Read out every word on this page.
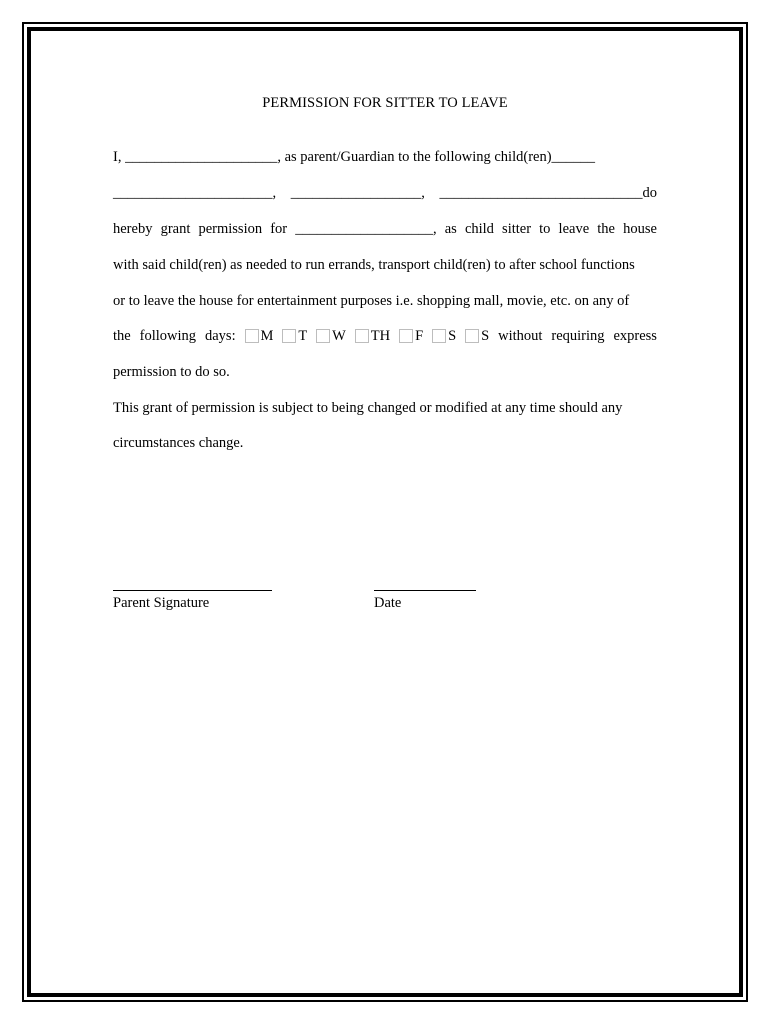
PERMISSION FOR SITTER TO LEAVE
I, _____________________, as parent/Guardian to the following child(ren)______
______________________, __________________, ____________________________do
hereby grant permission for ___________________, as child sitter to leave the house
with said child(ren) as needed to run errands, transport child(ren) to after school functions
or to leave the house for entertainment purposes i.e. shopping mall, movie, etc. on any of
the following days: M T W TH F S S without requiring express
permission to do so.
This grant of permission is subject to being changed or modified at any time should any
circumstances change.
Parent Signature	Date
